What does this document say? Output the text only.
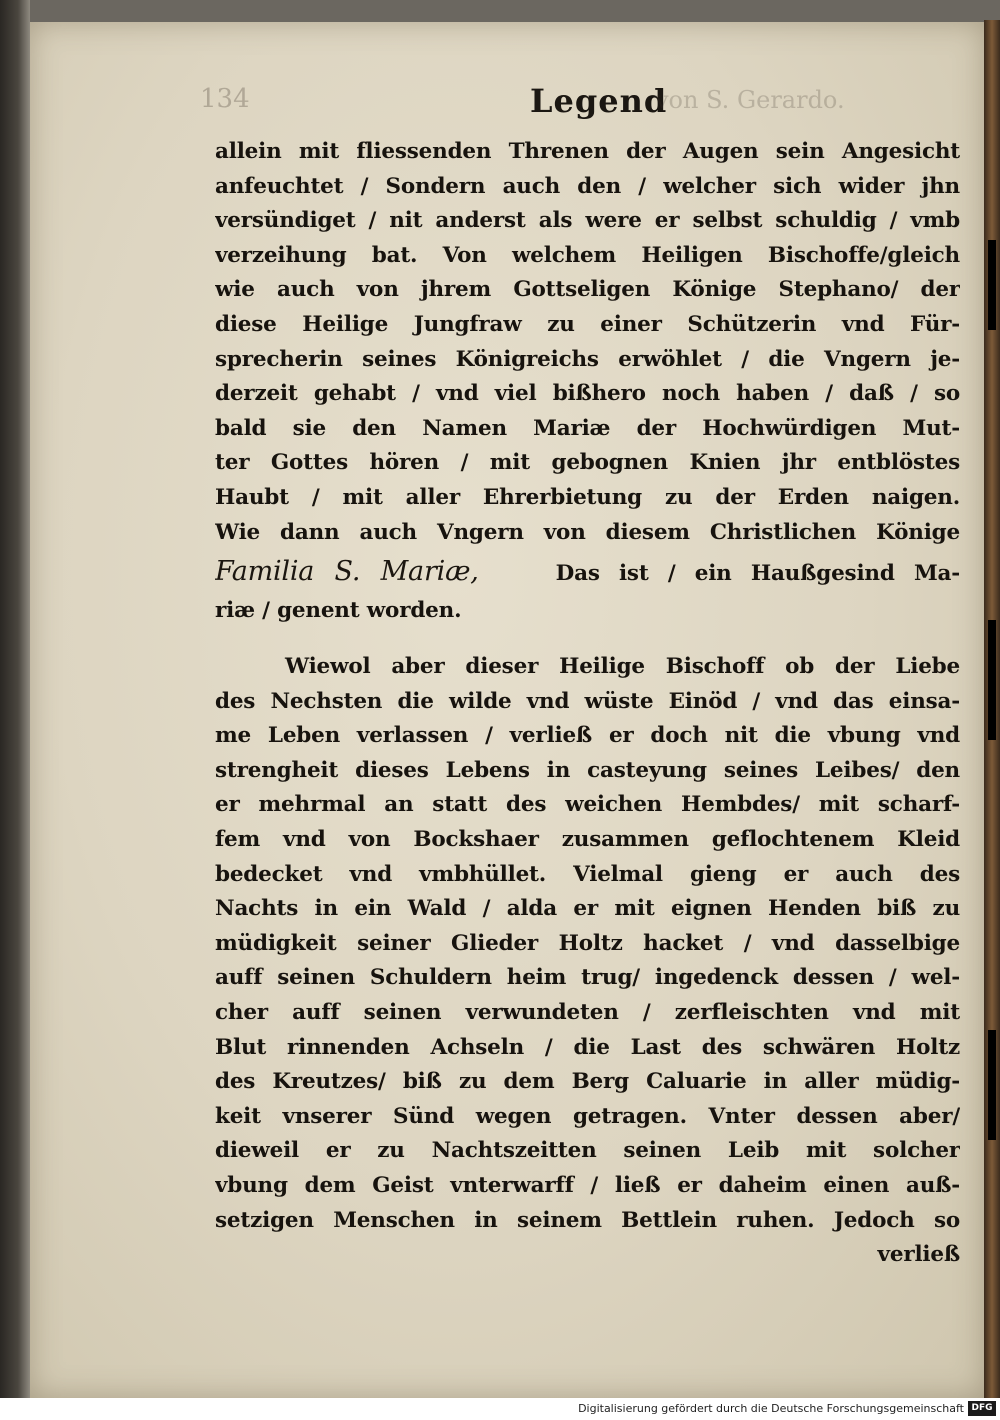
134	Legend
von S. Gerardo.
allein mit fliessenden Threnen der Augen sein Angesicht
anfeuchtet / Sondern auch den / welcher sich wider jhn
versündiget / nit anderst als were er selbst schuldig / vmb
verzeihung bat. Von welchem Heiligen Bischoffe/gleich
wie auch von jhrem Gottseligen Könige Stephano/ der
diese Heilige Jungfraw zu einer Schützerin vnd Für-
sprecherin seines Königreichs erwöhlet / die Vngern je-
derzeit gehabt / vnd viel bißhero noch haben / daß / so
bald sie den Namen Mariæ der Hochwürdigen Mut-
ter Gottes hören / mit gebognen Knien jhr entblöstes
Haubt / mit aller Ehrerbietung zu der Erden naigen.
Wie dann auch Vngern von diesem Christlichen Könige
Familia S. Mariæ,	Das ist / ein Haußgesind Ma-
riæ / genent worden.
Wiewol aber dieser Heilige Bischoff ob der Liebe
des Nechsten die wilde vnd wüste Einöd / vnd das einsa-
me Leben verlassen / verließ er doch nit die vbung vnd
strengheit dieses Lebens in casteyung seines Leibes/ den
er mehrmal an statt des weichen Hembdes/ mit scharf-
fem vnd von Bockshaer zusammen geflochtenem Kleid
bedecket vnd vmbhüllet. Vielmal gieng er auch des
Nachts in ein Wald / alda er mit eignen Henden biß zu
müdigkeit seiner Glieder Holtz hacket / vnd dasselbige
auff seinen Schuldern heim trug/ ingedenck dessen / wel-
cher auff seinen verwundeten / zerfleischten vnd mit
Blut rinnenden Achseln / die Last des schwären Holtz
des Kreutzes/ biß zu dem Berg Caluarie in aller müdig-
keit vnserer Sünd wegen getragen. Vnter dessen aber/
dieweil er zu Nachtszeitten seinen Leib mit solcher
vbung dem Geist vnterwarff / ließ er daheim einen auß-
setzigen Menschen in seinem Bettlein ruhen. Jedoch so
verließ
Digitalisierung gefördert durch die Deutsche Forschungsgemeinschaft DFG
